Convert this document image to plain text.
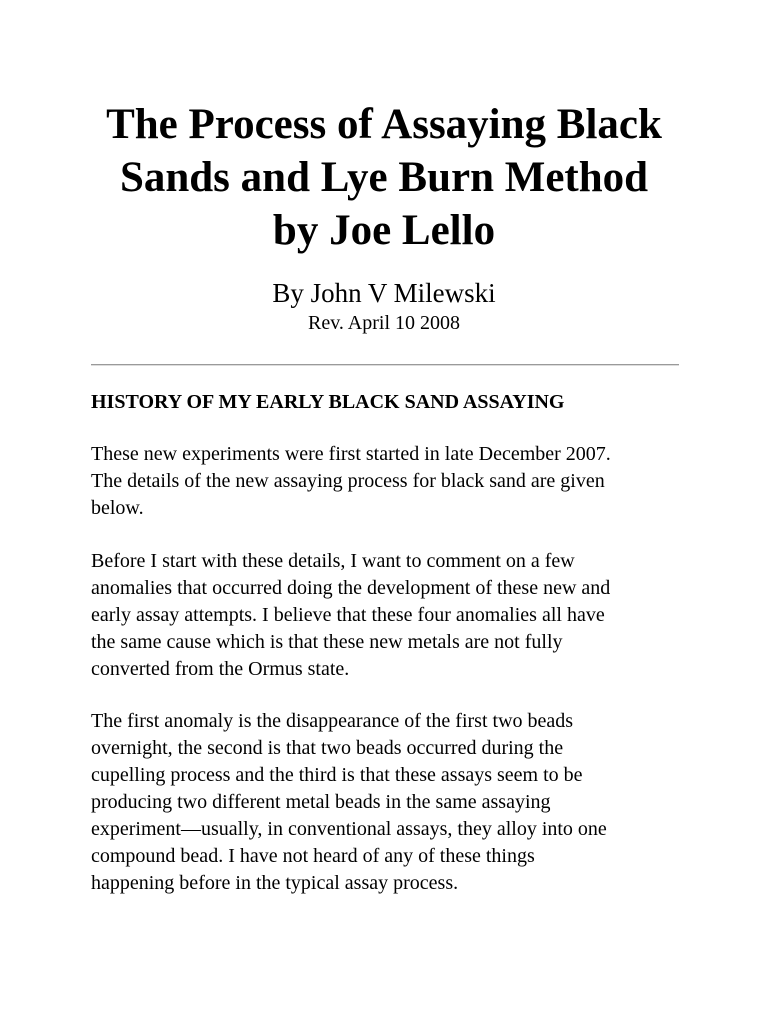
The Process of Assaying Black
Sands and Lye Burn Method
by Joe Lello

By John V Milewski

Rev. April 10 2008

HISTORY OF MY EARLY BLACK SAND ASSAYING

These new experiments were first started in late December 2007.
The details of the new assaying process for black sand are given
below.

Before I start with these details, I want to comment on a few
anomalies that occurred doing the development of these new and
early assay attempts. I believe that these four anomalies all have
the same cause which is that these new metals are not fully
converted from the Ormus state.

The first anomaly is the disappearance of the first two beads
overnight, the second is that two beads occurred during the
cupelling process and the third is that these assays seem to be
producing two different metal beads in the same assaying
experiment—usually, in conventional assays, they alloy into one
compound bead. I have not heard of any of these things
happening before in the typical assay process.
